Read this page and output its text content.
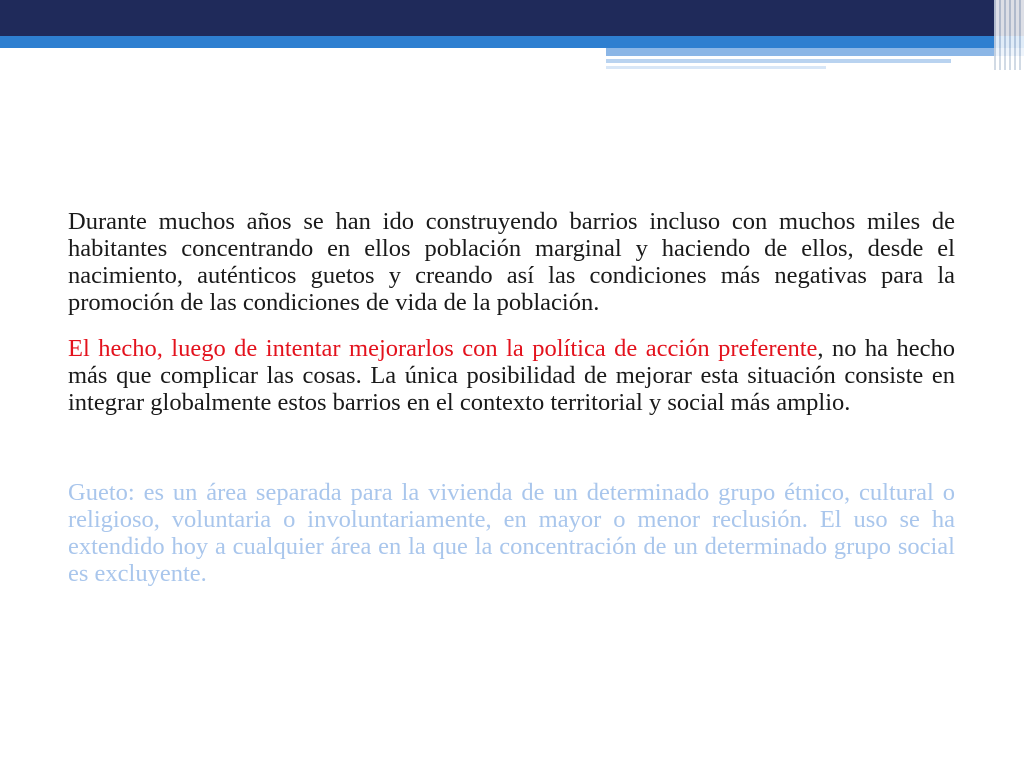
Durante muchos años se han ido construyendo barrios incluso con muchos miles de habitantes concentrando en ellos población marginal y haciendo de ellos, desde el nacimiento, auténticos guetos y creando así las condiciones más negativas para la promoción de las condiciones de vida de la población.

El hecho, luego de intentar mejorarlos con la política de acción preferente, no ha hecho más que complicar las cosas. La única posibilidad de mejorar esta situación consiste en integrar globalmente estos barrios en el contexto territorial y social más amplio.

Gueto: es un área separada para la vivienda de un determinado grupo étnico, cultural o religioso, voluntaria o involuntariamente, en mayor o menor reclusión. El uso se ha extendido hoy a cualquier área en la que la concentración de un determinado grupo social es excluyente.
